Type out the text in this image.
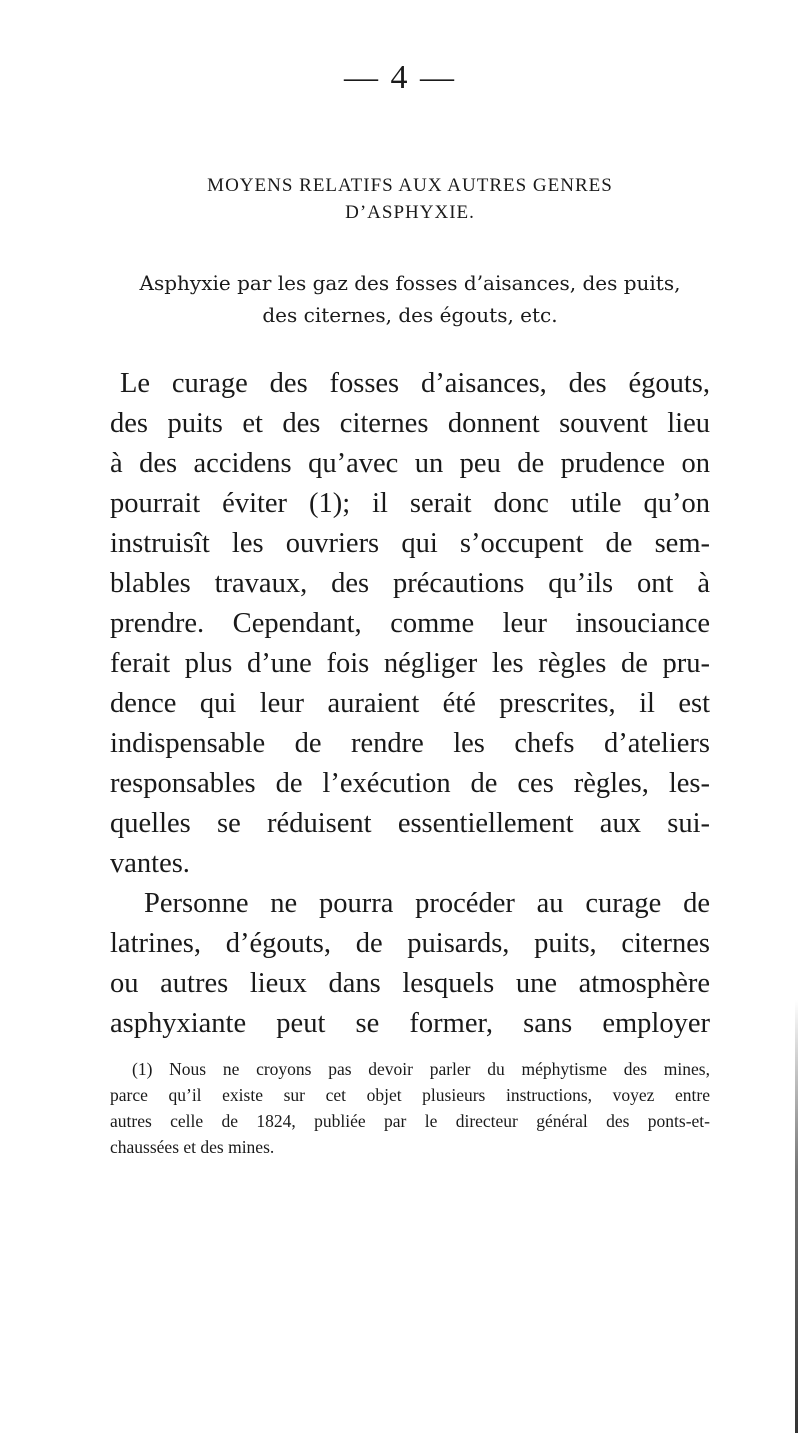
— 4 —
MOYENS RELATIFS AUX AUTRES GENRES
D’ASPHYXIE.
Asphyxie par les gaz des fosses d’aisances, des puits,
des citernes, des égouts, etc.
Le curage des fosses d’aisances, des égouts,
des puits et des citernes donnent souvent lieu
à des accidens qu’avec un peu de prudence on
pourrait éviter (1); il serait donc utile qu’on
instruisît les ouvriers qui s’occupent de sem-
blables travaux, des précautions qu’ils ont à
prendre. Cependant, comme leur insouciance
ferait plus d’une fois négliger les règles de pru-
dence qui leur auraient été prescrites, il est
indispensable de rendre les chefs d’ateliers
responsables de l’exécution de ces règles, les-
quelles se réduisent essentiellement aux sui-
vantes.
Personne ne pourra procéder au curage de
latrines, d’égouts, de puisards, puits, citernes
ou autres lieux dans lesquels une atmosphère
asphyxiante peut se former, sans employer
(1) Nous ne croyons pas devoir parler du méphytisme des mines,
parce qu’il existe sur cet objet plusieurs instructions, voyez entre
autres celle de 1824, publiée par le directeur général des ponts-et-
chaussées et des mines.
